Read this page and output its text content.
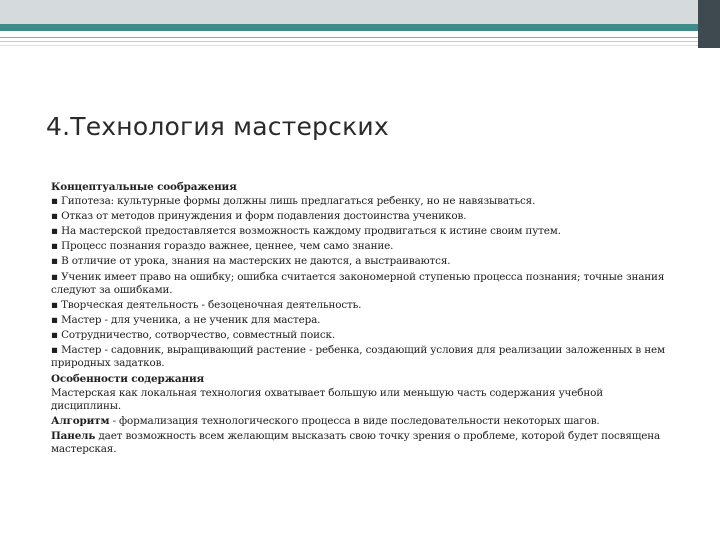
4.Технология мастерских

Концептуальные соображения

▪ Гипотеза: культурные формы должны лишь предлагаться ребенку, но не навязываться.

▪ Отказ от методов принуждения и форм подавления достоинства учеников.

▪ На мастерской предоставляется возможность каждому продвигаться к истине своим путем.

▪ Процесс познания гораздо важнее, ценнее, чем само знание.

▪ В отличие от урока, знания на мастерских не даются, а выстраиваются.

▪ Ученик имеет право на ошибку; ошибка считается закономерной ступенью процесса познания; точные знания следуют за ошибками.

▪ Творческая деятельность - безоценочная деятельность.

▪ Мастер - для ученика, а не ученик для мастера.

▪ Сотрудничество, сотворчество, совместный поиск.

▪ Мастер - садовник, выращивающий растение - ребенка, создающий условия для реализации заложенных в нем природных задатков.

Особенности содержания

Мастерская как локальная технология охватывает большую или меньшую часть содержания учебной дисциплины.

Алгоритм - формализация технологического процесса в виде последовательности некоторых шагов.

Панель дает возможность всем желающим высказать свою точку зрения о проблеме, которой будет посвящена мастерская.
